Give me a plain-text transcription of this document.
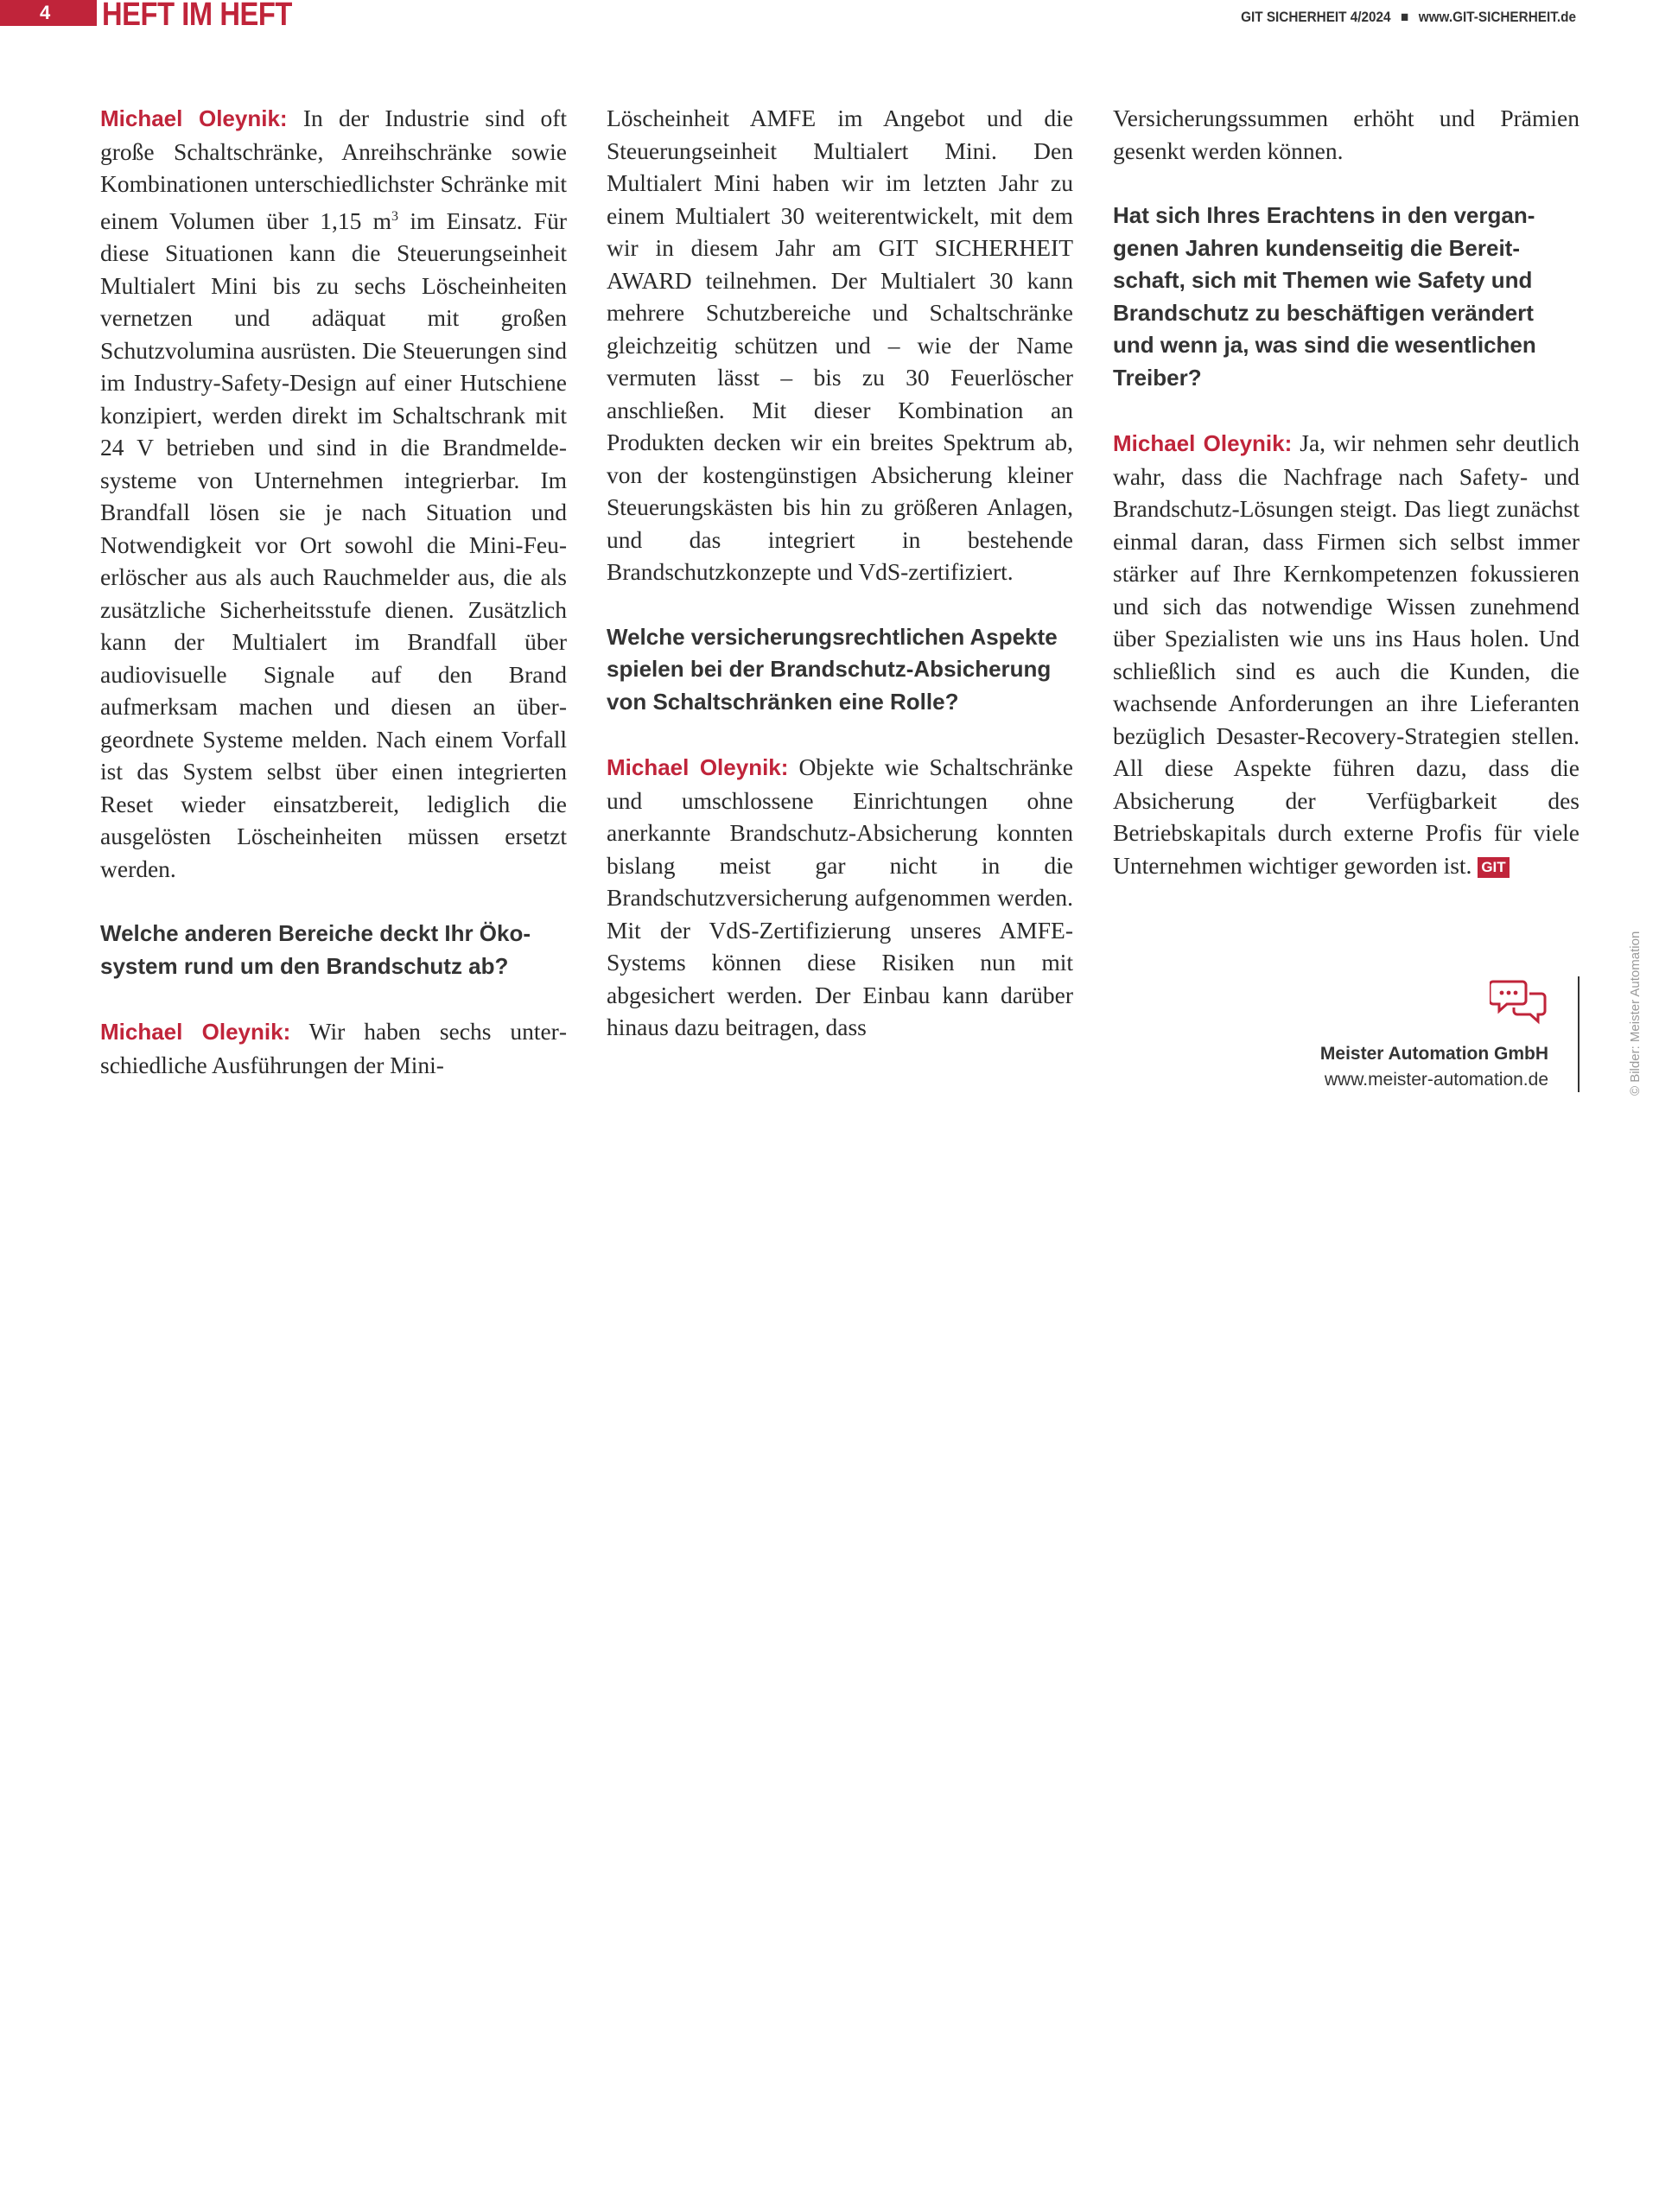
4	HEFT IM HEFT	GIT SICHERHEIT 4/2024 ■ www.GIT-SICHERHEIT.de

Michael Oleynik: In der Industrie sind oft große Schaltschränke, Anreihschränke sowie Kombinationen unterschiedlichster Schränke mit einem Volumen über 1,15 $m^3$ im Einsatz. Für diese Situationen kann die Steuerungseinheit Multialert Mini bis zu sechs Löscheinheiten vernetzen und adäquat mit großen Schutzvolumina ausrüsten. Die Steuerungen sind im Industry-Safety-Design auf einer Hutschiene konzipiert, werden direkt im Schaltschrank mit 24 V betrieben und sind in die Brandmeldesysteme von Unternehmen integrierbar. Im Brandfall lösen sie je nach Situation und Notwendigkeit vor Ort sowohl die Mini-Feuerlöscher aus als auch Rauchmelder aus, die als zusätzliche Sicherheitsstufe dienen. Zusätzlich kann der Multialert im Brandfall über audiovisuelle Signale auf den Brand aufmerksam machen und diesen an übergeordnete Systeme melden. Nach einem Vorfall ist das System selbst über einen integrierten Reset wieder einsatzbereit, lediglich die ausgelösten Löscheinheiten müssen ersetzt werden.

Welche anderen Bereiche deckt Ihr Ökosystem rund um den Brandschutz ab?

Michael Oleynik: Wir haben sechs unterschiedliche Ausführungen der Mini-

Löscheinheit AMFE im Angebot und die Steuerungseinheit Multialert Mini. Den Multialert Mini haben wir im letzten Jahr zu einem Multialert 30 weiterentwickelt, mit dem wir in diesem Jahr am GIT SICHERHEIT AWARD teilnehmen. Der Multialert 30 kann mehrere Schutzbereiche und Schaltschränke gleichzeitig schützen und – wie der Name vermuten lässt – bis zu 30 Feuerlöscher anschließen. Mit dieser Kombination an Produkten decken wir ein breites Spektrum ab, von der kostengünstigen Absicherung kleiner Steuerungskästen bis hin zu größeren Anlagen, und das integriert in bestehende Brandschutzkonzepte und VdS-zertifiziert.

Welche versicherungsrechtlichen Aspekte spielen bei der Brandschutz-Absicherung von Schaltschränken eine Rolle?

Michael Oleynik: Objekte wie Schaltschränke und umschlossene Einrichtungen ohne anerkannte Brandschutz-Absicherung konnten bislang meist gar nicht in die Brandschutzversicherung aufgenommen werden. Mit der VdS-Zertifizierung unseres AMFE-Systems können diese Risiken nun mit abgesichert werden. Der Einbau kann darüber hinaus dazu beitragen, dass

Versicherungssummen erhöht und Prämien gesenkt werden können.

Hat sich Ihres Erachtens in den vergangenen Jahren kundenseitig die Bereitschaft, sich mit Themen wie Safety und Brandschutz zu beschäftigen verändert und wenn ja, was sind die wesentlichen Treiber?

Michael Oleynik: Ja, wir nehmen sehr deutlich wahr, dass die Nachfrage nach Safety- und Brandschutz-Lösungen steigt. Das liegt zunächst einmal daran, dass Firmen sich selbst immer stärker auf Ihre Kernkompetenzen fokussieren und sich das notwendige Wissen zunehmend über Spezialisten wie uns ins Haus holen. Und schließlich sind es auch die Kunden, die wachsende Anforderungen an ihre Lieferanten bezüglich Desaster-Recovery-Strategien stellen. All diese Aspekte führen dazu, dass die Absicherung der Verfügbarkeit des Betriebskapitals durch externe Profis für viele Unternehmen wichtiger geworden ist. GIT

Meister Automation GmbH
www.meister-automation.de	© Bilder: Meister Automation
